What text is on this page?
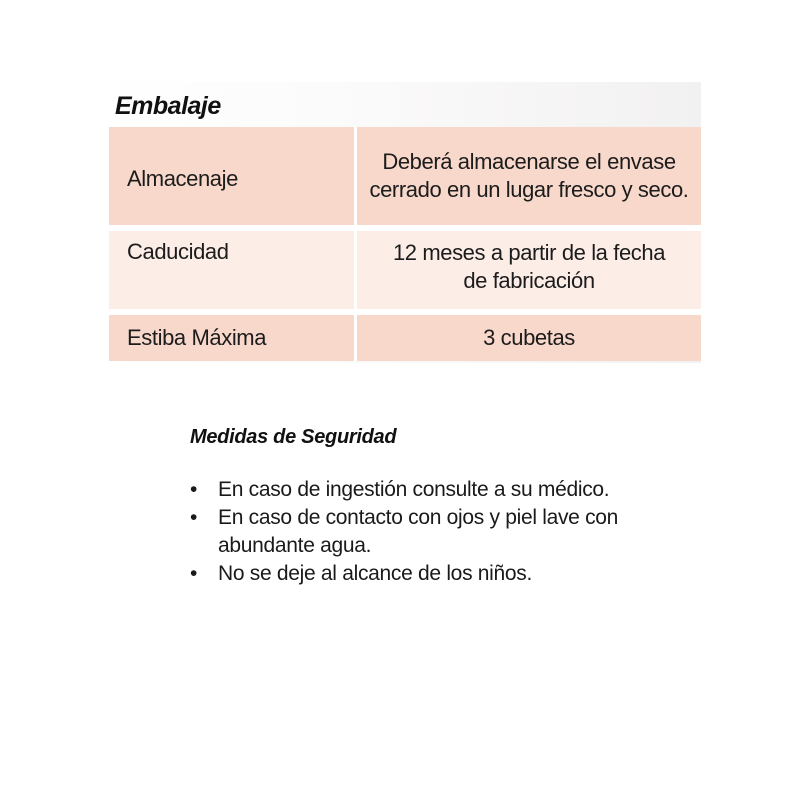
Embalaje
Almacenaje	Deberá almacenarse el envase
cerrado en un lugar fresco y seco.

Caducidad	12 meses a partir de la fecha
de fabricación

Estiba Máxima	3 cubetas
Medidas de Seguridad
• En caso de ingestión consulte a su médico.
• En caso de contacto con ojos y piel lave con
abundante agua.
• No se deje al alcance de los niños.
